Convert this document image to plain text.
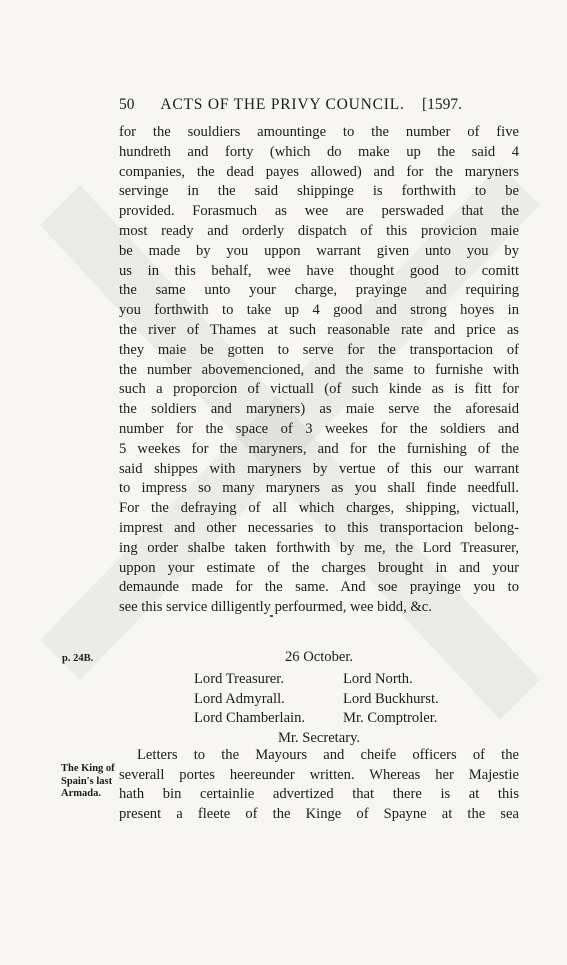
50	ACTS OF THE PRIVY COUNCIL.	[1597.
for the souldiers amountinge to the number of five
hundreth and forty (which do make up the said 4
companies, the dead payes allowed) and for the maryners
servinge in the said shippinge is forthwith to be
provided. Forasmuch as wee are perswaded that the
most ready and orderly dispatch of this provicion maie
be made by you uppon warrant given unto you by
us in this behalf, wee have thought good to comitt
the same unto your charge, prayinge and requiring
you forthwith to take up 4 good and strong hoyes in
the river of Thames at such reasonable rate and price as
they maie be gotten to serve for the transportacion of
the number abovemencioned, and the same to furnishe with
such a proporcion of victuall (of such kinde as is fitt for
the soldiers and maryners) as maie serve the aforesaid
number for the space of 3 weekes for the soldiers and
5 weekes for the maryners, and for the furnishing of the
said shippes with maryners by vertue of this our warrant
to impress so many maryners as you shall finde needfull.
For the defraying of all which charges, shipping, victuall,
imprest and other necessaries to this transportacion belong-
ing order shalbe taken forthwith by me, the Lord Treasurer,
uppon your estimate of the charges brought in and your
demaunde made for the same. And soe prayinge you to
see this service dilligently perfourmed, wee bidd, &c.
p. 24B.	26 October.
Lord Treasurer.	Lord North.
Lord Admyrall.	Lord Buckhurst.
Lord Chamberlain.	Mr. Comptroler.
Mr. Secretary.
The King of
Spain's last
Armada.
Letters to the Mayours and cheife officers of the
severall portes heereunder written. Whereas her Majestie
hath bin certainlie advertized that there is at this
present a fleete of the Kinge of Spayne at the sea
